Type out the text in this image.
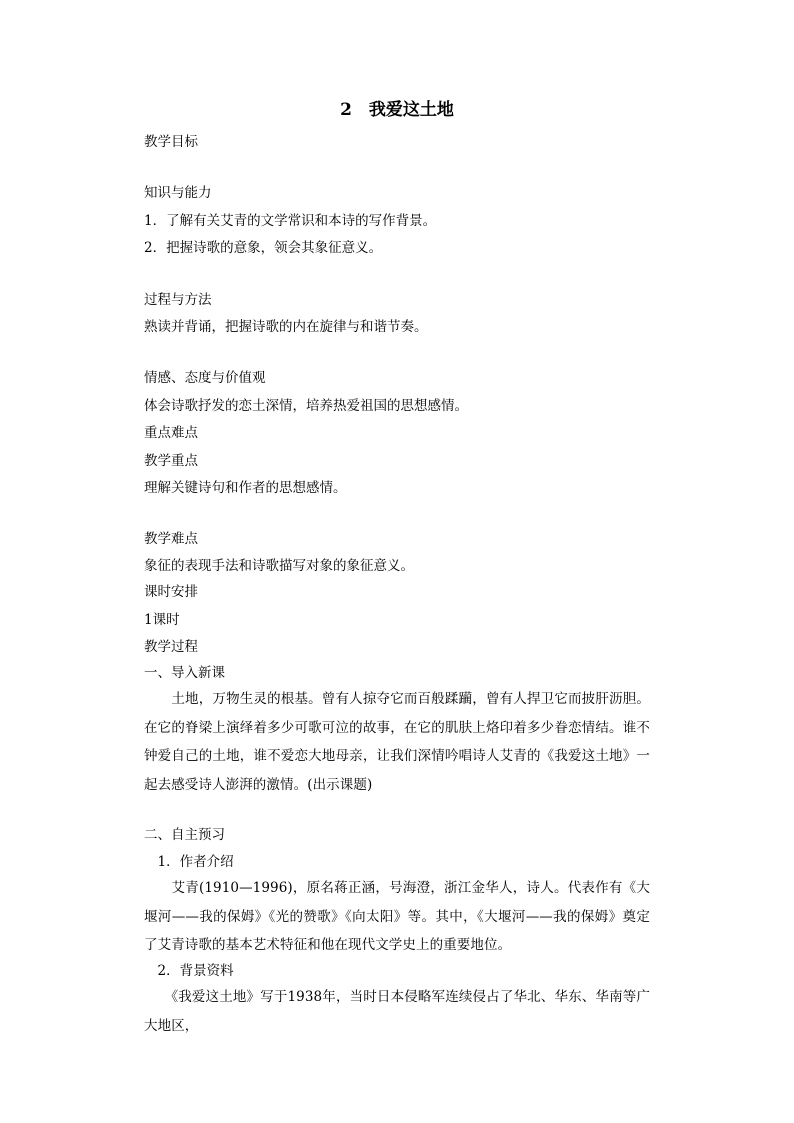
2　我爱这土地

教学目标

知识与能力

1．了解有关艾青的文学常识和本诗的写作背景。

2．把握诗歌的意象，领会其象征意义。

过程与方法

熟读并背诵，把握诗歌的内在旋律与和谐节奏。

情感、态度与价值观

体会诗歌抒发的恋土深情，培养热爱祖国的思想感情。

重点难点

教学重点

理解关键诗句和作者的思想感情。

教学难点

象征的表现手法和诗歌描写对象的象征意义。

课时安排

1课时

教学过程

一、导入新课

　　土地，万物生灵的根基。曾有人掠夺它而百般蹂躏，曾有人捍卫它而披肝沥胆。在它的脊梁上演绎着多少可歌可泣的故事，在它的肌肤上烙印着多少眷恋情结。谁不钟爱自己的土地，谁不爱恋大地母亲，让我们深情吟唱诗人艾青的《我爱这土地》一起去感受诗人澎湃的激情。(出示课题)

二、自主预习

　1．作者介绍

　　艾青(1910—1996)，原名蒋正涵，号海澄，浙江金华人，诗人。代表作有《大堰河——我的保姆》《光的赞歌》《向太阳》等。其中，《大堰河——我的保姆》奠定了艾青诗歌的基本艺术特征和他在现代文学史上的重要地位。

　2．背景资料

　　《我爱这土地》写于1938年，当时日本侵略军连续侵占了华北、华东、华南等广大地区，
